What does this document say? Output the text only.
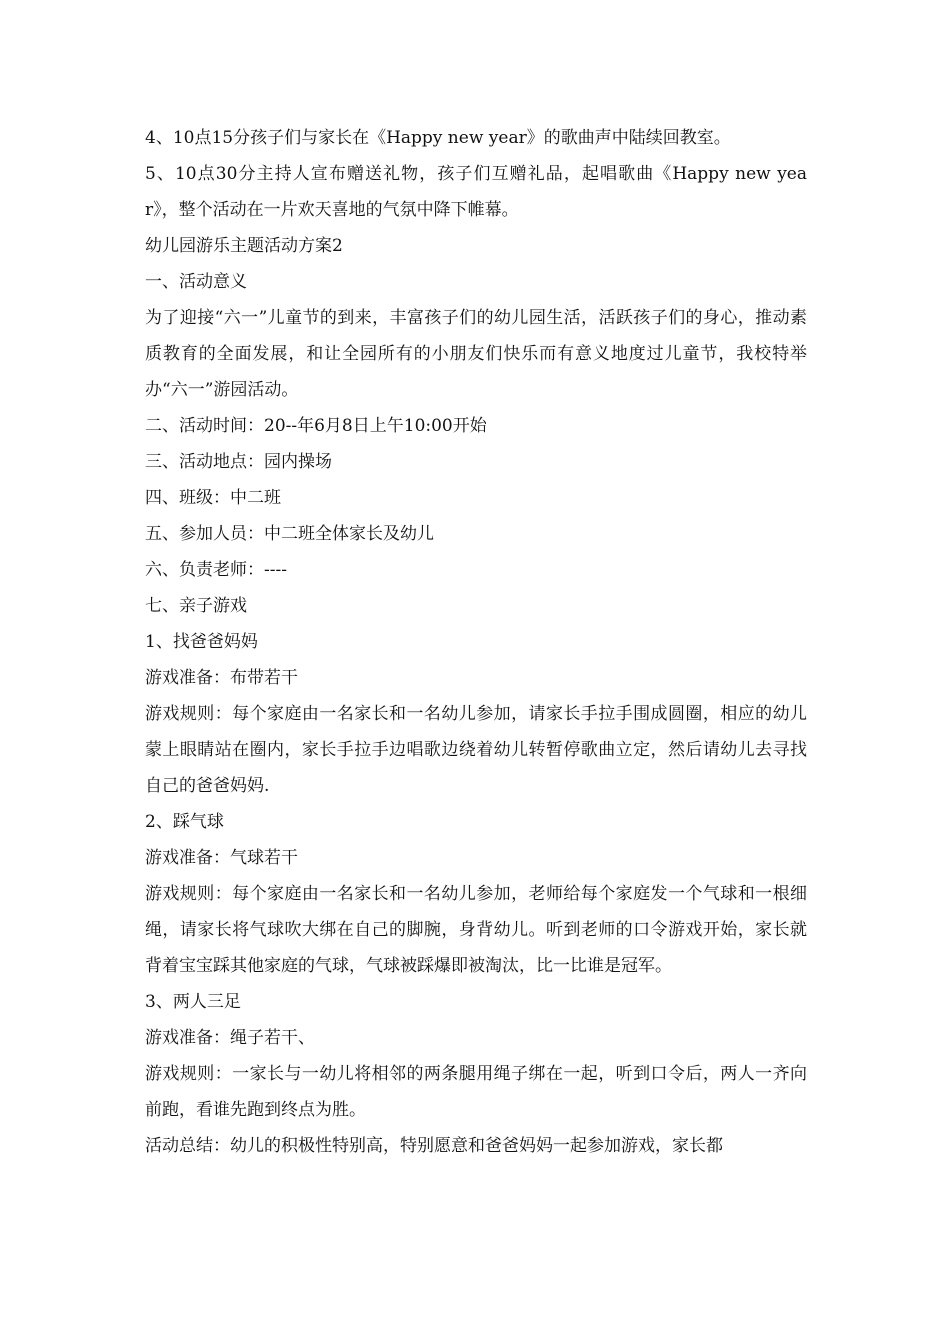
4、10点15分孩子们与家长在《Happy new year》的歌曲声中陆续回教室。

5、10点30分主持人宣布赠送礼物，孩子们互赠礼品，起唱歌曲《Happy new year》，整个活动在一片欢天喜地的气氛中降下帷幕。

幼儿园游乐主题活动方案2

一、活动意义

为了迎接“六一”儿童节的到来，丰富孩子们的幼儿园生活，活跃孩子们的身心，推动素质教育的全面发展，和让全园所有的小朋友们快乐而有意义地度过儿童节，我校特举办“六一”游园活动。

二、活动时间：20--年6月8日上午10:00开始

三、活动地点：园内操场

四、班级：中二班

五、参加人员：中二班全体家长及幼儿

六、负责老师：----

七、亲子游戏

1、找爸爸妈妈

游戏准备：布带若干

游戏规则：每个家庭由一名家长和一名幼儿参加，请家长手拉手围成圆圈，相应的幼儿蒙上眼睛站在圈内，家长手拉手边唱歌边绕着幼儿转暂停歌曲立定，然后请幼儿去寻找自己的爸爸妈妈.

2、踩气球

游戏准备：气球若干

游戏规则：每个家庭由一名家长和一名幼儿参加，老师给每个家庭发一个气球和一根细绳，请家长将气球吹大绑在自己的脚腕，身背幼儿。听到老师的口令游戏开始，家长就背着宝宝踩其他家庭的气球，气球被踩爆即被淘汰，比一比谁是冠军。

3、两人三足

游戏准备：绳子若干、

游戏规则：一家长与一幼儿将相邻的两条腿用绳子绑在一起，听到口令后，两人一齐向前跑，看谁先跑到终点为胜。

活动总结：幼儿的积极性特别高，特别愿意和爸爸妈妈一起参加游戏，家长都
